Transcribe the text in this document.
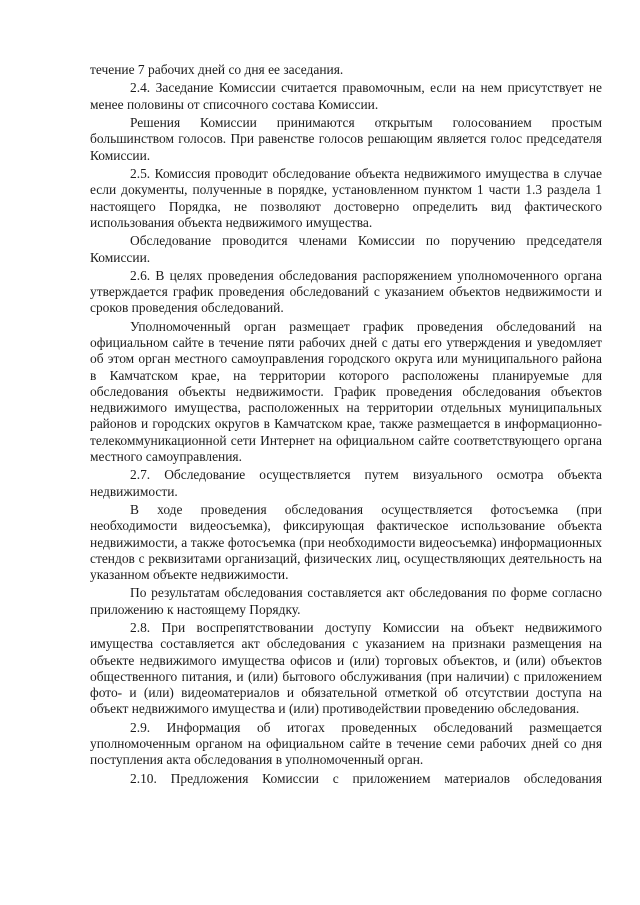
течение 7 рабочих дней со дня ее заседания.

2.4. Заседание Комиссии считается правомочным, если на нем присутствует не менее половины от списочного состава Комиссии.

Решения Комиссии принимаются открытым голосованием простым большинством голосов. При равенстве голосов решающим является голос председателя Комиссии.

2.5. Комиссия проводит обследование объекта недвижимого имущества в случае если документы, полученные в порядке, установленном пунктом 1 части 1.3 раздела 1 настоящего Порядка, не позволяют достоверно определить вид фактического использования объекта недвижимого имущества.

Обследование проводится членами Комиссии по поручению председателя Комиссии.

2.6. В целях проведения обследования распоряжением уполномоченного органа утверждается график проведения обследований с указанием объектов недвижимости и сроков проведения обследований.

Уполномоченный орган размещает график проведения обследований на официальном сайте в течение пяти рабочих дней с даты его утверждения и уведомляет об этом орган местного самоуправления городского округа или муниципального района в Камчатском крае, на территории которого расположены планируемые для обследования объекты недвижимости. График проведения обследования объектов недвижимого имущества, расположенных на территории отдельных муниципальных районов и городских округов в Камчатском крае, также размещается в информационно-телекоммуникационной сети Интернет на официальном сайте соответствующего органа местного самоуправления.

2.7. Обследование осуществляется путем визуального осмотра объекта недвижимости.

В ходе проведения обследования осуществляется фотосъемка (при необходимости видеосъемка), фиксирующая фактическое использование объекта недвижимости, а также фотосъемка (при необходимости видеосъемка) информационных стендов с реквизитами организаций, физических лиц, осуществляющих деятельность на указанном объекте недвижимости.

По результатам обследования составляется акт обследования по форме согласно приложению к настоящему Порядку.

2.8. При воспрепятствовании доступу Комиссии на объект недвижимого имущества составляется акт обследования с указанием на признаки размещения на объекте недвижимого имущества офисов и (или) торговых объектов, и (или) объектов общественного питания, и (или) бытового обслуживания (при наличии) с приложением фото- и (или) видеоматериалов и обязательной отметкой об отсутствии доступа на объект недвижимого имущества и (или) противодействии проведению обследования.

2.9. Информация об итогах проведенных обследований размещается уполномоченным органом на официальном сайте в течение семи рабочих дней со дня поступления акта обследования в уполномоченный орган.

2.10. Предложения Комиссии с приложением материалов обследования
